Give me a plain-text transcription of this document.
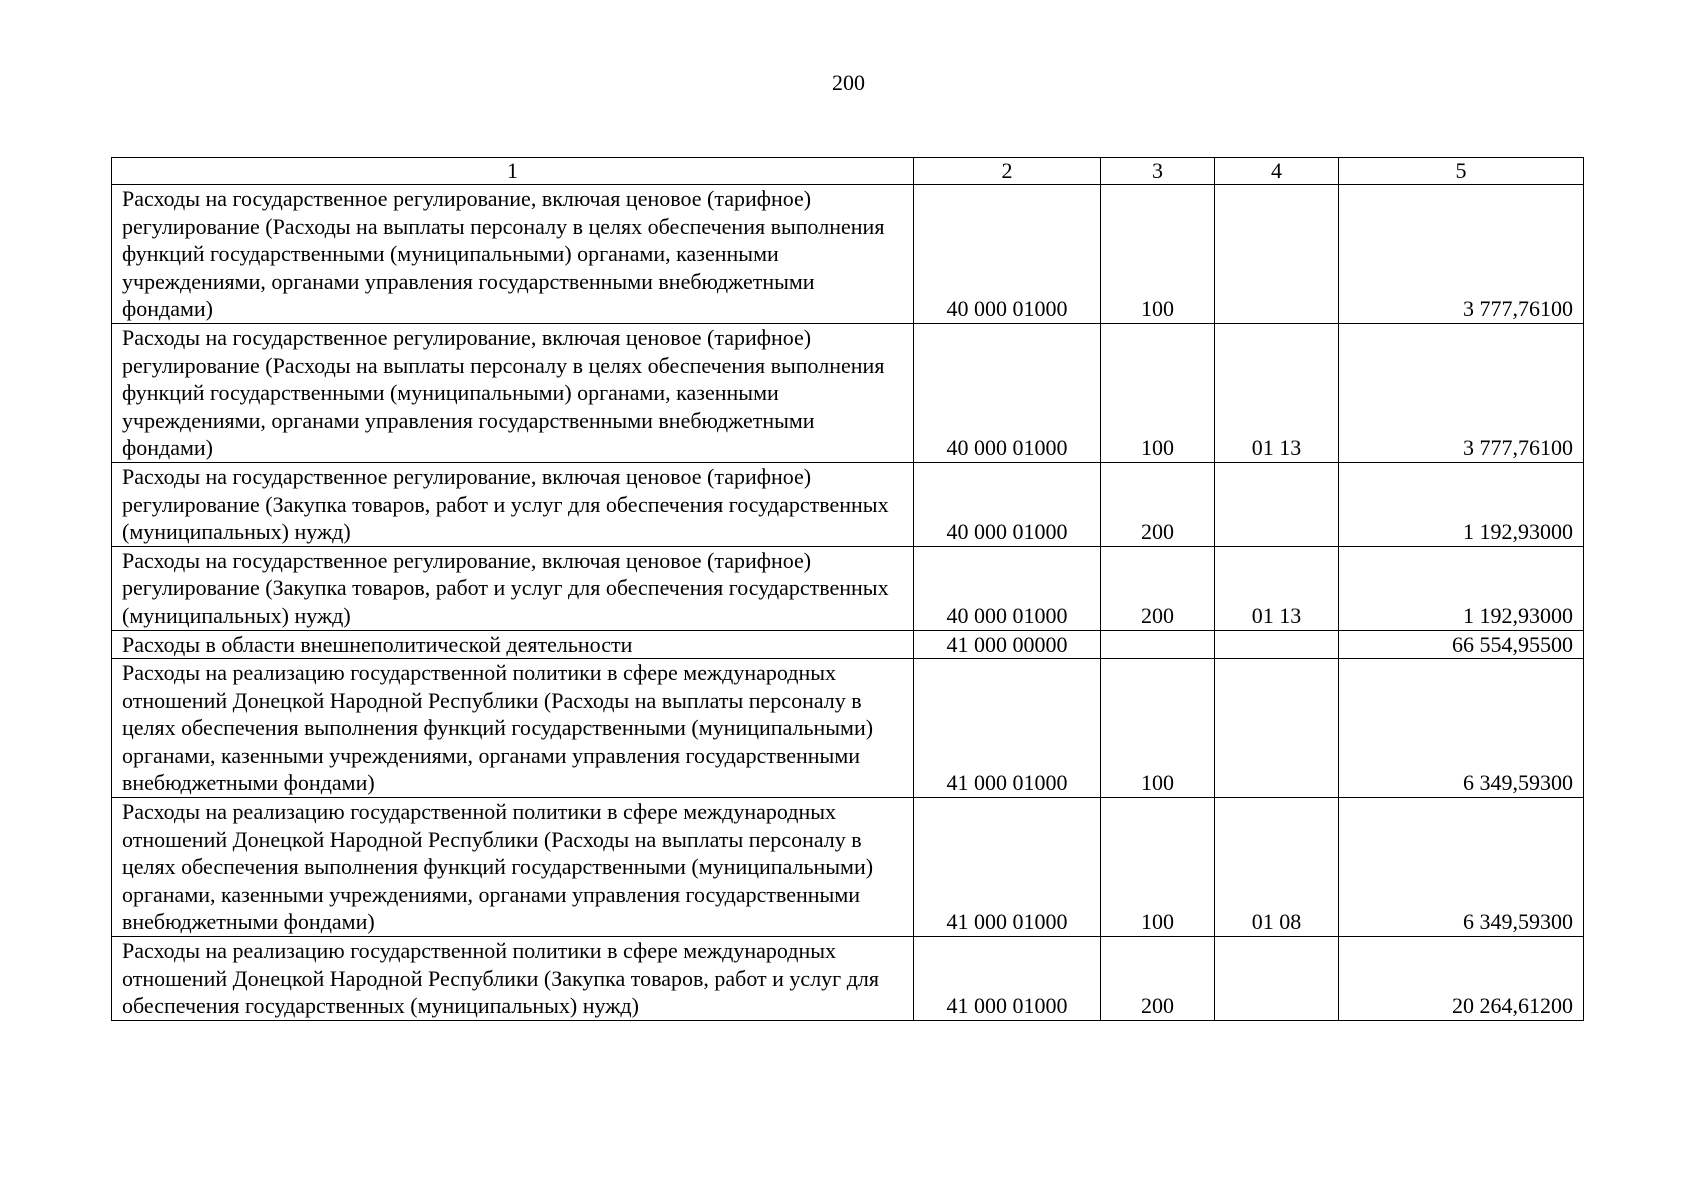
200
1	2	3	4	5
Расходы на государственное регулирование, включая ценовое (тарифное) регулирование (Расходы на выплаты персоналу в целях обеспечения выполнения функций государственными (муниципальными) органами, казенными учреждениями, органами управления государственными внебюджетными фондами)	40 000 01000	100		3 777,76100
Расходы на государственное регулирование, включая ценовое (тарифное) регулирование (Расходы на выплаты персоналу в целях обеспечения выполнения функций государственными (муниципальными) органами, казенными учреждениями, органами управления государственными внебюджетными фондами)	40 000 01000	100	01 13	3 777,76100
Расходы на государственное регулирование, включая ценовое (тарифное) регулирование (Закупка товаров, работ и услуг для обеспечения государственных (муниципальных) нужд)	40 000 01000	200		1 192,93000
Расходы на государственное регулирование, включая ценовое (тарифное) регулирование (Закупка товаров, работ и услуг для обеспечения государственных (муниципальных) нужд)	40 000 01000	200	01 13	1 192,93000
Расходы в области внешнеполитической деятельности	41 000 00000			66 554,95500
Расходы на реализацию государственной политики в сфере международных отношений Донецкой Народной Республики (Расходы на выплаты персоналу в целях обеспечения выполнения функций государственными (муниципальными) органами, казенными учреждениями, органами управления государственными внебюджетными фондами)	41 000 01000	100		6 349,59300
Расходы на реализацию государственной политики в сфере международных отношений Донецкой Народной Республики (Расходы на выплаты персоналу в целях обеспечения выполнения функций государственными (муниципальными) органами, казенными учреждениями, органами управления государственными внебюджетными фондами)	41 000 01000	100	01 08	6 349,59300
Расходы на реализацию государственной политики в сфере международных отношений Донецкой Народной Республики (Закупка товаров, работ и услуг для обеспечения государственных (муниципальных) нужд)	41 000 01000	200		20 264,61200
